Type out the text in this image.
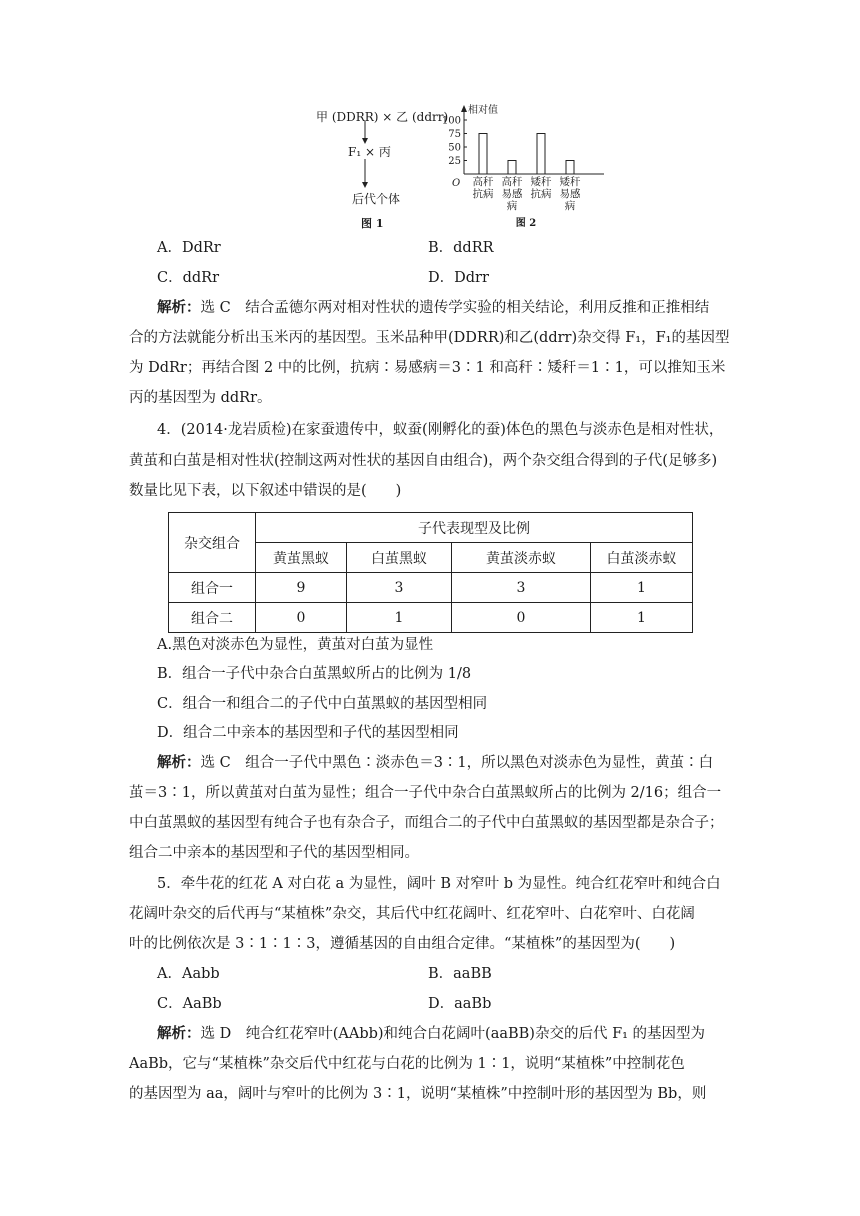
甲 (DDRR) × 乙 (ddrr)
F₁ × 丙
后代个体
图 1
相对值
O
25
50
75
100
高秆
抗病
高秆
易感
病
矮秆
抗病
矮秆
易感
病
图 2
A．DdRr	B．ddRR
C．ddRr	D．Ddrr
解析：选 C　结合孟德尔两对相对性状的遗传学实验的相关结论，利用反推和正推相结
合的方法就能分析出玉米丙的基因型。玉米品种甲(DDRR)和乙(ddrr)杂交得 F₁，F₁的基因型
为 DdRr；再结合图 2 中的比例，抗病∶易感病＝3∶1 和高秆∶矮秆＝1∶1，可以推知玉米
丙的基因型为 ddRr。
4．(2014·龙岩质检)在家蚕遗传中，蚁蚕(刚孵化的蚕)体色的黑色与淡赤色是相对性状，
黄茧和白茧是相对性状(控制这两对性状的基因自由组合)，两个杂交组合得到的子代(足够多)
数量比见下表，以下叙述中错误的是(　　)
杂交组合	子代表现型及比例			
	黄茧黑蚁	白茧黑蚁	黄茧淡赤蚁	白茧淡赤蚁
组合一	9	3	3	1
组合二	0	1	0	1
A.黑色对淡赤色为显性，黄茧对白茧为显性
B．组合一子代中杂合白茧黑蚁所占的比例为 1/8
C．组合一和组合二的子代中白茧黑蚁的基因型相同
D．组合二中亲本的基因型和子代的基因型相同
解析：选 C　组合一子代中黑色∶淡赤色＝3∶1，所以黑色对淡赤色为显性，黄茧∶白
茧＝3∶1，所以黄茧对白茧为显性；组合一子代中杂合白茧黑蚁所占的比例为 2/16；组合一
中白茧黑蚁的基因型有纯合子也有杂合子，而组合二的子代中白茧黑蚁的基因型都是杂合子；
组合二中亲本的基因型和子代的基因型相同。
5．牵牛花的红花 A 对白花 a 为显性，阔叶 B 对窄叶 b 为显性。纯合红花窄叶和纯合白
花阔叶杂交的后代再与“某植株”杂交，其后代中红花阔叶、红花窄叶、白花窄叶、白花阔
叶的比例依次是 3∶1∶1∶3，遵循基因的自由组合定律。“某植株”的基因型为(　　)
A．Aabb	B．aaBB
C．AaBb	D．aaBb
解析：选 D　纯合红花窄叶(AAbb)和纯合白花阔叶(aaBB)杂交的后代 F₁ 的基因型为
AaBb，它与“某植株”杂交后代中红花与白花的比例为 1∶1，说明“某植株”中控制花色
的基因型为 aa，阔叶与窄叶的比例为 3∶1，说明“某植株”中控制叶形的基因型为 Bb，则
